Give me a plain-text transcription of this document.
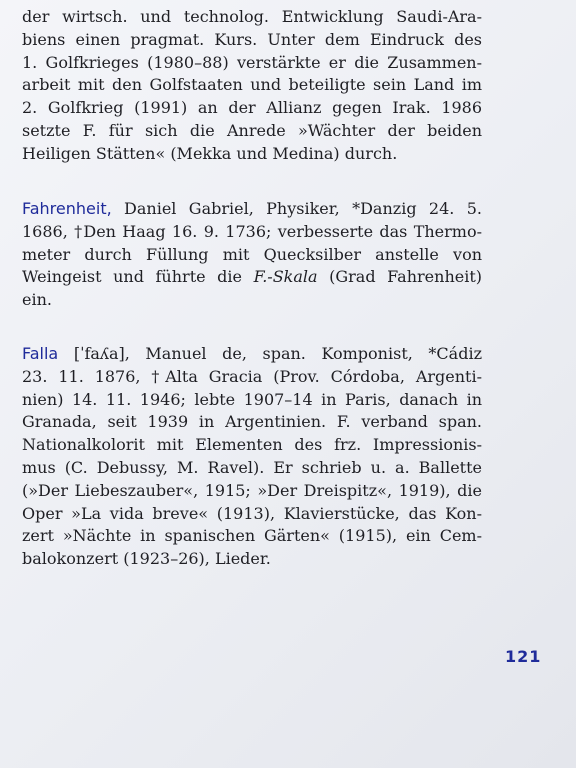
der wirtsch. und technolog. Entwicklung Saudi-Ara-
biens einen pragmat. Kurs. Unter dem Eindruck des
1. Golfkrieges (1980–88) verstärkte er die Zusammen-
arbeit mit den Golfstaaten und beteiligte sein Land im
2. Golfkrieg (1991) an der Allianz gegen Irak. 1986
setzte F. für sich die Anrede »Wächter der beiden
Heiligen Stätten« (Mekka und Medina) durch.
Fahrenheit, Daniel Gabriel, Physiker, *Danzig 24. 5.
1686, †Den Haag 16. 9. 1736; verbesserte das Thermo-
meter durch Füllung mit Quecksilber anstelle von
Weingeist und führte die F.-Skala (Grad Fahrenheit)
ein.
Falla [ˈfaʎa], Manuel de, span. Komponist, *Cádiz
23. 11. 1876, †Alta Gracia (Prov. Córdoba, Argenti-
nien) 14. 11. 1946; lebte 1907–14 in Paris, danach in
Granada, seit 1939 in Argentinien. F. verband span.
Nationalkolorit mit Elementen des frz. Impressionis-
mus (C. Debussy, M. Ravel). Er schrieb u. a. Ballette
(»Der Liebeszauber«, 1915; »Der Dreispitz«, 1919), die
Oper »La vida breve« (1913), Klavierstücke, das Kon-
zert »Nächte in spanischen Gärten« (1915), ein Cem-
balokonzert (1923–26), Lieder.
121
